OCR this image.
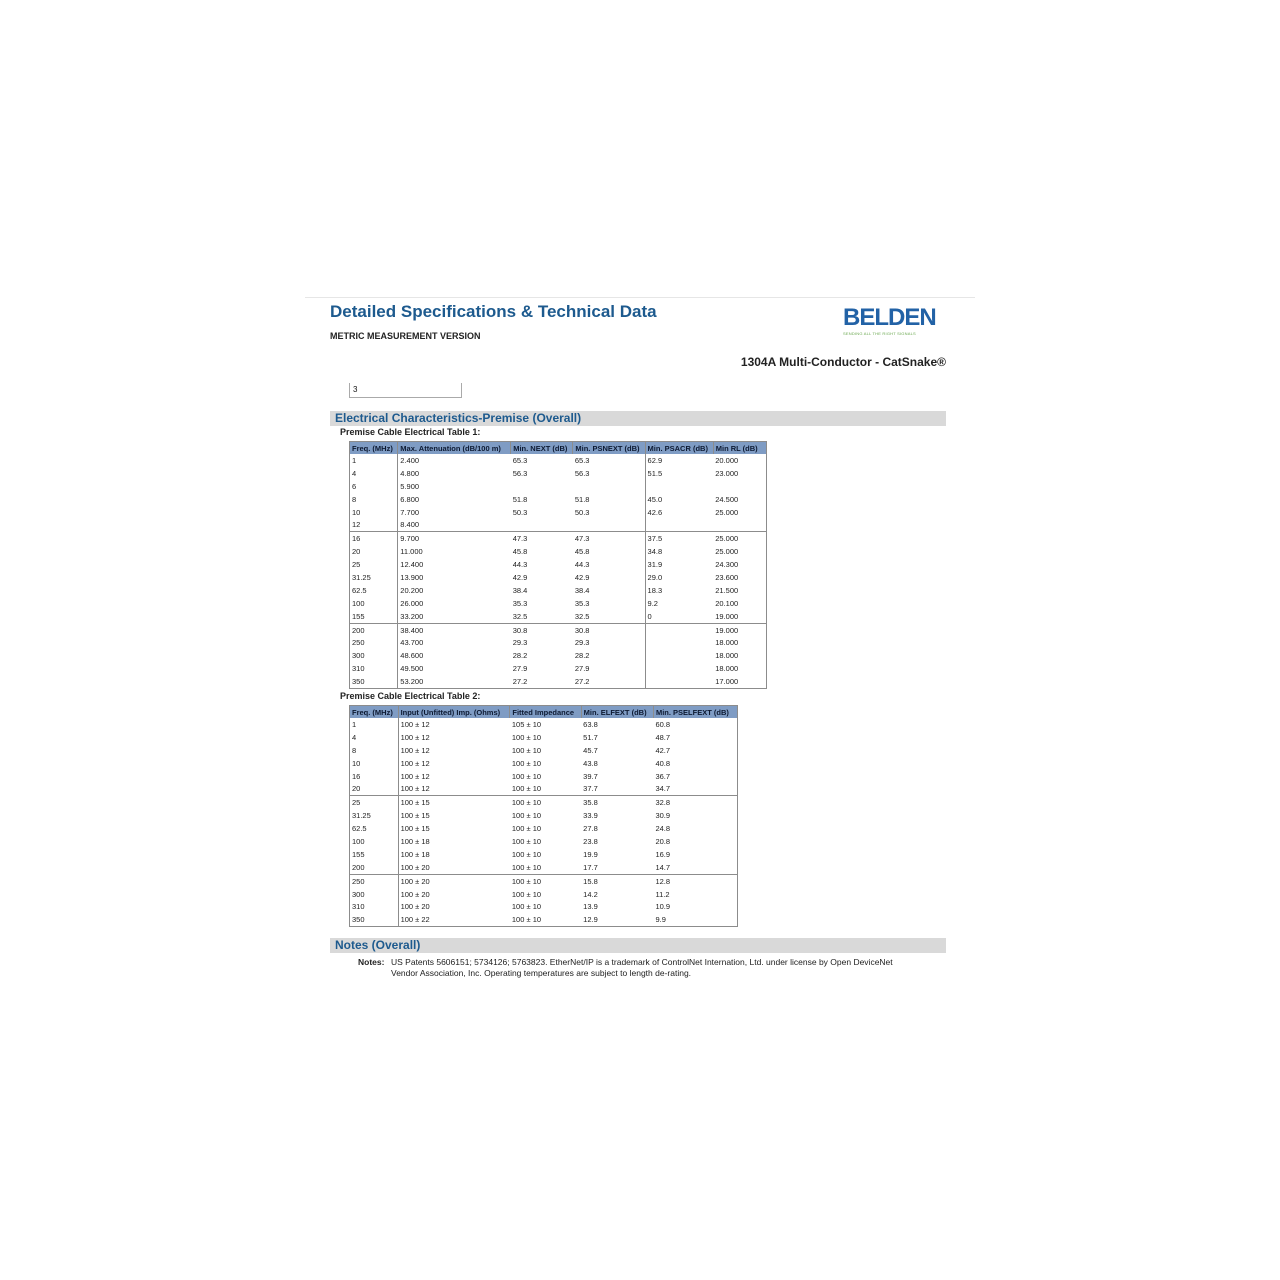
Detailed Specifications & Technical Data
METRIC MEASUREMENT VERSION
BELDEN
SENDING ALL THE RIGHT SIGNALS
1304A Multi-Conductor - CatSnake®
3
Electrical Characteristics-Premise (Overall)
Premise Cable Electrical Table 1:
Freq. (MHz)	Max. Attenuation (dB/100 m)	Min. NEXT (dB)	Min. PSNEXT (dB)	Min. PSACR (dB)	Min RL (dB)
1	2.400	65.3	65.3	62.9	20.000
4	4.800	56.3	56.3	51.5	23.000
6	5.900				
8	6.800	51.8	51.8	45.0	24.500
10	7.700	50.3	50.3	42.6	25.000
12	8.400				
16	9.700	47.3	47.3	37.5	25.000
20	11.000	45.8	45.8	34.8	25.000
25	12.400	44.3	44.3	31.9	24.300
31.25	13.900	42.9	42.9	29.0	23.600
62.5	20.200	38.4	38.4	18.3	21.500
100	26.000	35.3	35.3	9.2	20.100
155	33.200	32.5	32.5	0	19.000
200	38.400	30.8	30.8		19.000
250	43.700	29.3	29.3		18.000
300	48.600	28.2	28.2		18.000
310	49.500	27.9	27.9		18.000
350	53.200	27.2	27.2		17.000
Premise Cable Electrical Table 2:
Freq. (MHz)	Input (Unfitted) Imp. (Ohms)	Fitted Impedance	Min. ELFEXT (dB)	Min. PSELFEXT (dB)
1	100 ± 12	105 ± 10	63.8	60.8
4	100 ± 12	100 ± 10	51.7	48.7
8	100 ± 12	100 ± 10	45.7	42.7
10	100 ± 12	100 ± 10	43.8	40.8
16	100 ± 12	100 ± 10	39.7	36.7
20	100 ± 12	100 ± 10	37.7	34.7
25	100 ± 15	100 ± 10	35.8	32.8
31.25	100 ± 15	100 ± 10	33.9	30.9
62.5	100 ± 15	100 ± 10	27.8	24.8
100	100 ± 18	100 ± 10	23.8	20.8
155	100 ± 18	100 ± 10	19.9	16.9
200	100 ± 20	100 ± 10	17.7	14.7
250	100 ± 20	100 ± 10	15.8	12.8
300	100 ± 20	100 ± 10	14.2	11.2
310	100 ± 20	100 ± 10	13.9	10.9
350	100 ± 22	100 ± 10	12.9	9.9
Notes (Overall)
Notes: US Patents 5606151; 5734126; 5763823. EtherNet/IP is a trademark of ControlNet Internation, Ltd. under license by Open DeviceNet Vendor Association, Inc. Operating temperatures are subject to length de-rating.
